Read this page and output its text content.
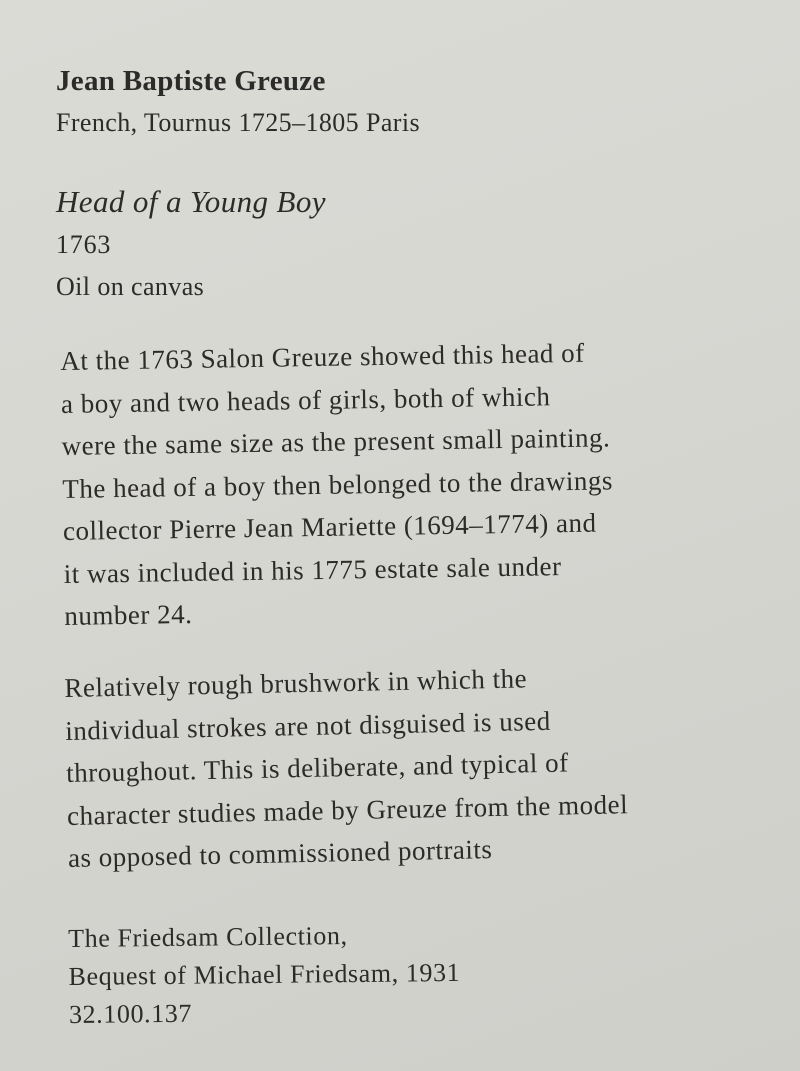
Jean Baptiste Greuze
French, Tournus 1725–1805 Paris
Head of a Young Boy
1763
Oil on canvas
At the 1763 Salon Greuze showed this head of
a boy and two heads of girls, both of which
were the same size as the present small painting.
The head of a boy then belonged to the drawings
collector Pierre Jean Mariette (1694–1774) and
it was included in his 1775 estate sale under
number 24.
Relatively rough brushwork in which the
individual strokes are not disguised is used
throughout. This is deliberate, and typical of
character studies made by Greuze from the model
as opposed to commissioned portraits
The Friedsam Collection,
Bequest of Michael Friedsam, 1931
32.100.137
